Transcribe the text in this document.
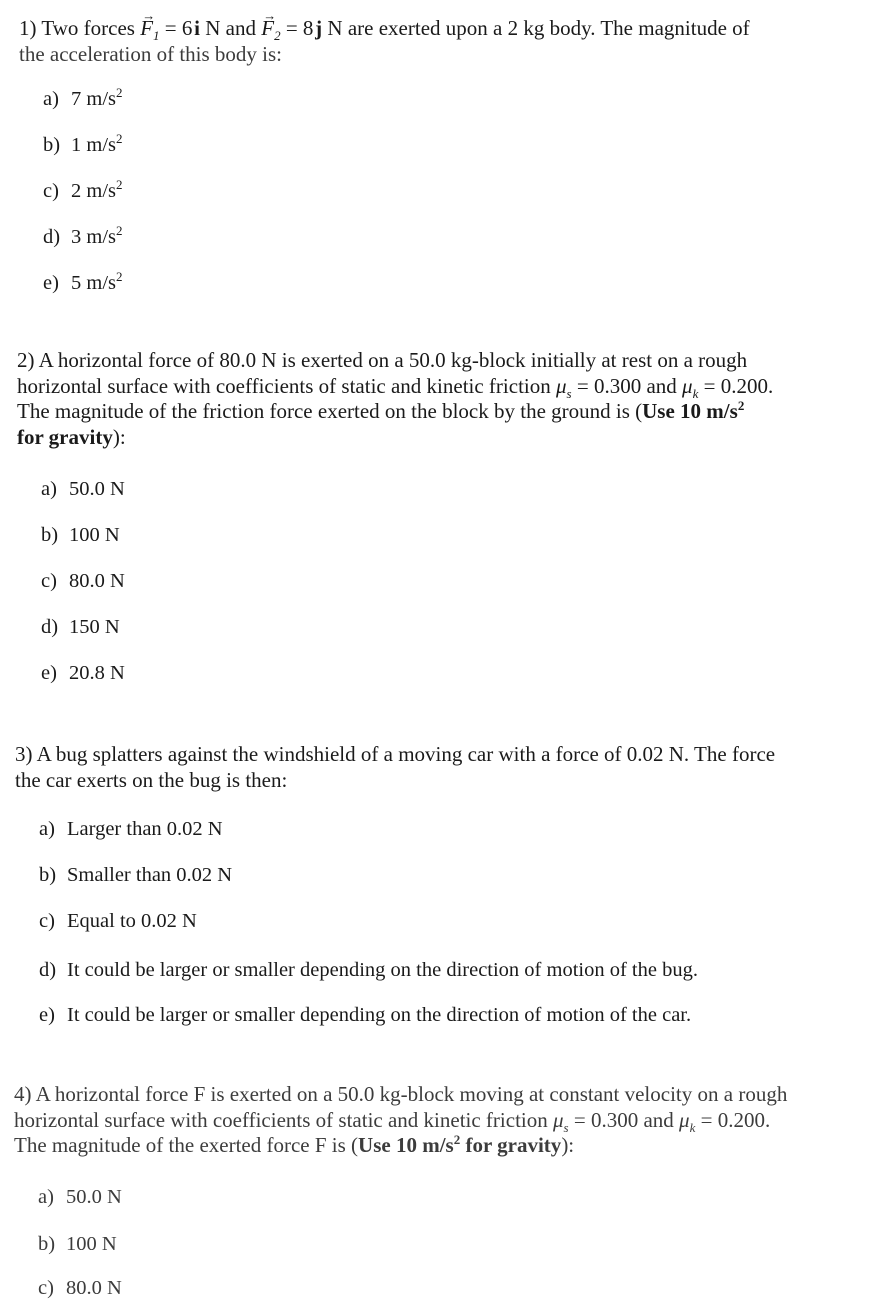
1) Two forces → $F_1 = 6$ i N and → $F_2 = 8$ j N are exerted upon a 2 kg body. The magnitude of
the acceleration of this body is:
a) 7 $m/s^2$
b) 1 $m/s^2$
c) 2 $m/s^2$
d) 3 $m/s^2$
e) 5 $m/s^2$
2) A horizontal force of 80.0 N is exerted on a 50.0 kg-block initially at rest on a rough
horizontal surface with coefficients of static and kinetic friction $\mu_s = 0.300$ and $\mu_k = 0.200$.
The magnitude of the friction force exerted on the block by the ground is (Use 10 $m/s^2$
for gravity):
a) 50.0 N
b) 100 N
c) 80.0 N
d) 150 N
e) 20.8 N
3) A bug splatters against the windshield of a moving car with a force of 0.02 N. The force
the car exerts on the bug is then:
a) Larger than 0.02 N
b) Smaller than 0.02 N
c) Equal to 0.02 N
d) It could be larger or smaller depending on the direction of motion of the bug.
e) It could be larger or smaller depending on the direction of motion of the car.
4) A horizontal force F is exerted on a 50.0 kg-block moving at constant velocity on a rough
horizontal surface with coefficients of static and kinetic friction $\mu_s = 0.300$ and $\mu_k = 0.200$.
The magnitude of the exerted force F is (Use 10 $m/s^2$ for gravity):
a) 50.0 N
b) 100 N
c) 80.0 N
